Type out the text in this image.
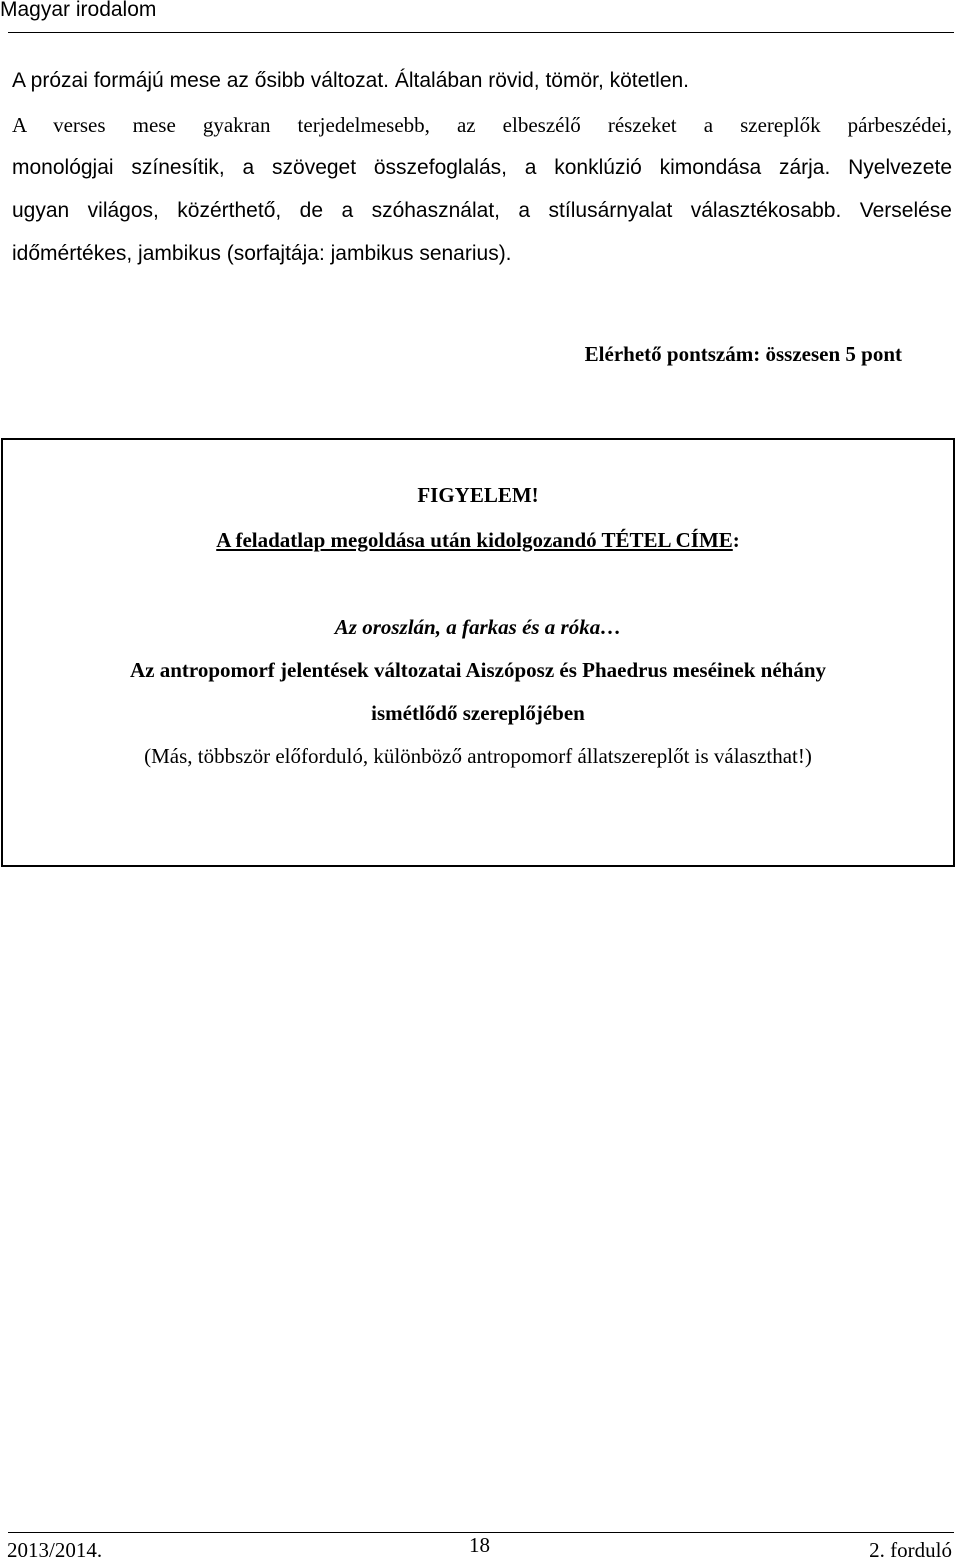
Magyar irodalom
A prózai formájú mese az ősibb változat. Általában rövid, tömör, kötetlen.
A verses mese gyakran terjedelmesebb, az elbeszélő részeket a szereplők párbeszédei,
monológjai színesítik, a szöveget összefoglalás, a konklúzió kimondása zárja. Nyelvezete
ugyan világos, közérthető, de a szóhasználat, a stílusárnyalat választékosabb. Verselése
időmértékes, jambikus (sorfajtája: jambikus senarius).
Elérhető pontszám: összesen 5 pont
FIGYELEM!
A feladatlap megoldása után kidolgozandó TÉTEL CÍME:
Az oroszlán, a farkas és a róka…
Az antropomorf jelentések változatai Aiszóposz és Phaedrus meséinek néhány
ismétlődő szereplőjében
(Más, többször előforduló, különböző antropomorf állatszereplőt is választhat!)
2013/2014.	18	2. forduló
